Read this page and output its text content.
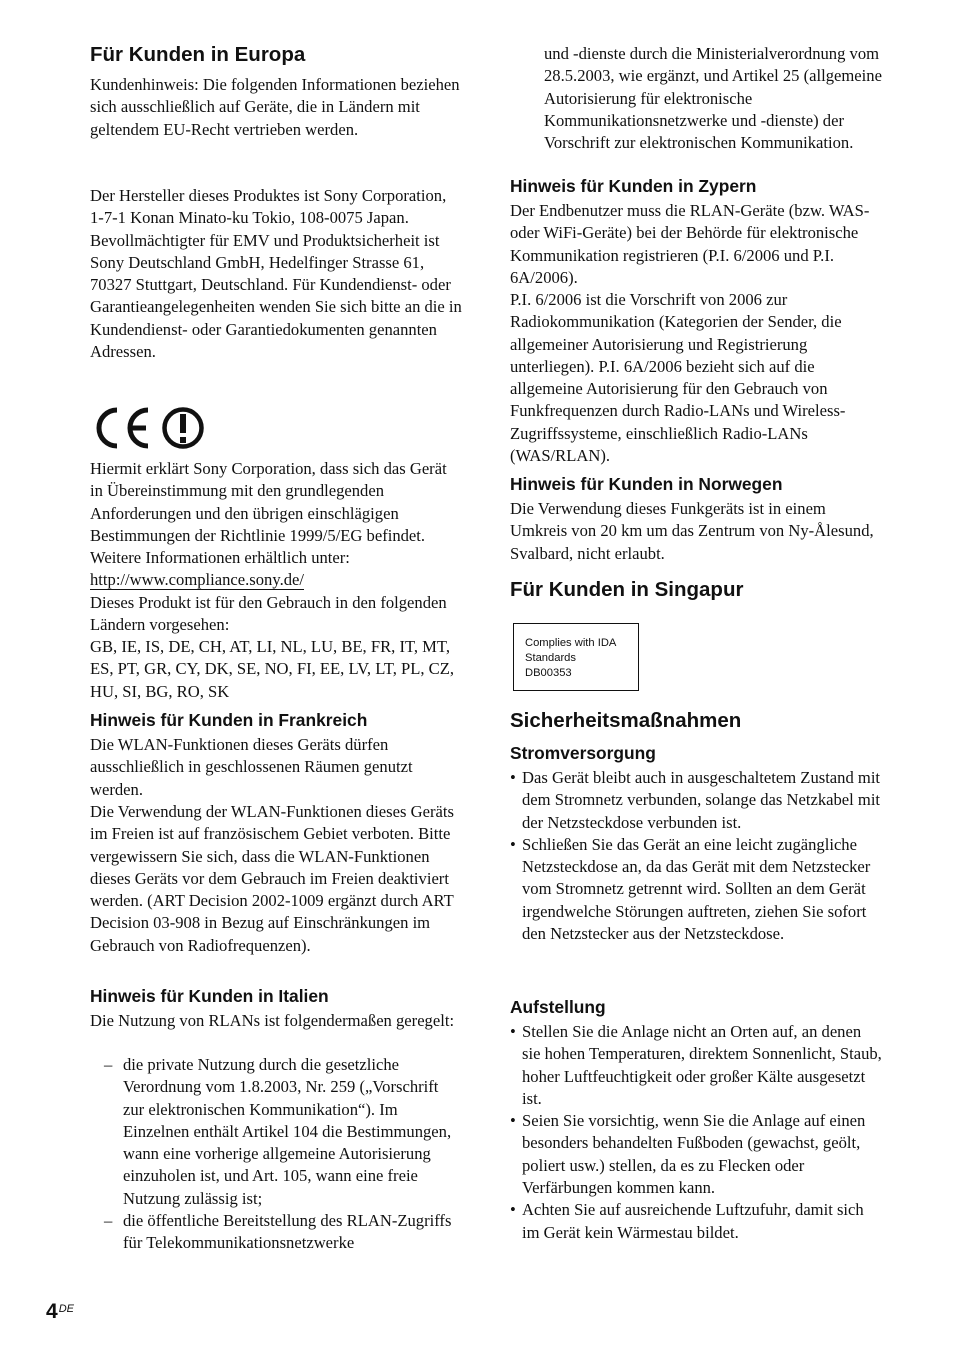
Für Kunden in Europa

Kundenhinweis: Die folgenden Informationen beziehen sich ausschließlich auf Geräte, die in Ländern mit geltendem EU-Recht vertrieben werden.

Der Hersteller dieses Produktes ist Sony Corporation, 1-7-1 Konan Minato-ku Tokio, 108-0075 Japan. Bevollmächtigter für EMV und Produktsicherheit ist Sony Deutschland GmbH, Hedelfinger Strasse 61, 70327 Stuttgart, Deutschland. Für Kundendienst- oder Garantieangelegenheiten wenden Sie sich bitte an die in Kundendienst- oder Garantiedokumenten genannten Adressen.

Hiermit erklärt Sony Corporation, dass sich das Gerät in Übereinstimmung mit den grundlegenden Anforderungen und den übrigen einschlägigen Bestimmungen der Richtlinie 1999/5/EG befindet. Weitere Informationen erhältlich unter:
http://www.compliance.sony.de/

Dieses Produkt ist für den Gebrauch in den folgenden Ländern vorgesehen:

GB, IE, IS, DE, CH, AT, LI, NL, LU, BE, FR, IT, MT, ES, PT, GR, CY, DK, SE, NO, FI, EE, LV, LT, PL, CZ, HU, SI, BG, RO, SK

Hinweis für Kunden in Frankreich

Die WLAN-Funktionen dieses Geräts dürfen ausschließlich in geschlossenen Räumen genutzt werden.

Die Verwendung der WLAN-Funktionen dieses Geräts im Freien ist auf französischem Gebiet verboten. Bitte vergewissern Sie sich, dass die WLAN-Funktionen dieses Geräts vor dem Gebrauch im Freien deaktiviert werden. (ART Decision 2002-1009 ergänzt durch ART Decision 03-908 in Bezug auf Einschränkungen im Gebrauch von Radiofrequenzen).

Hinweis für Kunden in Italien

Die Nutzung von RLANs ist folgendermaßen geregelt:

– die private Nutzung durch die gesetzliche Verordnung vom 1.8.2003, Nr. 259 („Vorschrift zur elektronischen Kommunikation“). Im Einzelnen enthält Artikel 104 die Bestimmungen, wann eine vorherige allgemeine Autorisierung einzuholen ist, und Art. 105, wann eine freie Nutzung zulässig ist;
– die öffentliche Bereitstellung des RLAN-Zugriffs für Telekommunikationsnetzwerke

und -dienste durch die Ministerialverordnung vom 28.5.2003, wie ergänzt, und Artikel 25 (allgemeine Autorisierung für elektronische Kommunikationsnetzwerke und -dienste) der Vorschrift zur elektronischen Kommunikation.

Hinweis für Kunden in Zypern

Der Endbenutzer muss die RLAN-Geräte (bzw. WAS- oder WiFi-Geräte) bei der Behörde für elektronische Kommunikation registrieren (P.I. 6/2006 und P.I. 6A/2006).

P.I. 6/2006 ist die Vorschrift von 2006 zur Radiokommunikation (Kategorien der Sender, die allgemeiner Autorisierung und Registrierung unterliegen). P.I. 6A/2006 bezieht sich auf die allgemeine Autorisierung für den Gebrauch von Funkfrequenzen durch Radio-LANs und Wireless-Zugriffssysteme, einschließlich Radio-LANs (WAS/RLAN).

Hinweis für Kunden in Norwegen

Die Verwendung dieses Funkgeräts ist in einem Umkreis von 20 km um das Zentrum von Ny-Ålesund, Svalbard, nicht erlaubt.

Für Kunden in Singapur
Complies with IDA
Standards
DB00353
Sicherheitsmaßnahmen
Stromversorgung
• Das Gerät bleibt auch in ausgeschaltetem Zustand mit dem Stromnetz verbunden, solange das Netzkabel mit der Netzsteckdose verbunden ist.
• Schließen Sie das Gerät an eine leicht zugängliche Netzsteckdose an, da das Gerät mit dem Netzstecker vom Stromnetz getrennt wird. Sollten an dem Gerät irgendwelche Störungen auftreten, ziehen Sie sofort den Netzstecker aus der Netzsteckdose.
Aufstellung
• Stellen Sie die Anlage nicht an Orten auf, an denen sie hohen Temperaturen, direktem Sonnenlicht, Staub, hoher Luftfeuchtigkeit oder großer Kälte ausgesetzt ist.
• Seien Sie vorsichtig, wenn Sie die Anlage auf einen besonders behandelten Fußboden (gewachst, geölt, poliert usw.) stellen, da es zu Flecken oder Verfärbungen kommen kann.
• Achten Sie auf ausreichende Luftzufuhr, damit sich im Gerät kein Wärmestau bildet.
4DE
